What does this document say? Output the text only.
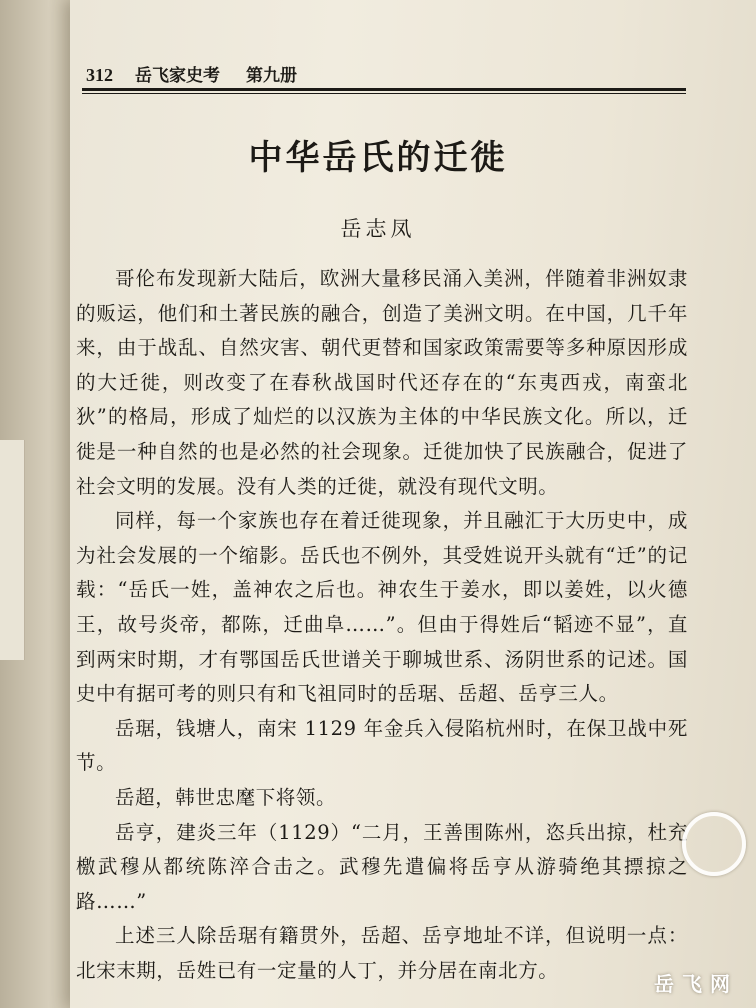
312 岳飞家史考 第九册
中华岳氏的迁徙
岳志凤

哥伦布发现新大陆后，欧洲大量移民涌入美洲，伴随着非洲奴隶的贩运，他们和土著民族的融合，创造了美洲文明。在中国，几千年来，由于战乱、自然灾害、朝代更替和国家政策需要等多种原因形成的大迁徙，则改变了在春秋战国时代还存在的“东夷西戎，南蛮北狄”的格局，形成了灿烂的以汉族为主体的中华民族文化。所以，迁徙是一种自然的也是必然的社会现象。迁徙加快了民族融合，促进了社会文明的发展。没有人类的迁徙，就没有现代文明。

同样，每一个家族也存在着迁徙现象，并且融汇于大历史中，成为社会发展的一个缩影。岳氏也不例外，其受姓说开头就有“迁”的记载：“岳氏一姓，盖神农之后也。神农生于姜水，即以姜姓，以火德王，故号炎帝，都陈，迁曲阜……”。但由于得姓后“韬迹不显”，直到两宋时期，才有鄂国岳氏世谱关于聊城世系、汤阴世系的记述。国史中有据可考的则只有和飞祖同时的岳琚、岳超、岳亨三人。

岳琚，钱塘人，南宋 1129 年金兵入侵陷杭州时，在保卫战中死节。

岳超，韩世忠麾下将领。

岳亨，建炎三年（1129）“二月，王善围陈州，恣兵出掠，杜充檄武穆从都统陈淬合击之。武穆先遣偏将岳亨从游骑绝其摽掠之路……”

上述三人除岳琚有籍贯外，岳超、岳亨地址不详，但说明一点：北宋末期，岳姓已有一定量的人丁，并分居在南北方。

岳飞网
